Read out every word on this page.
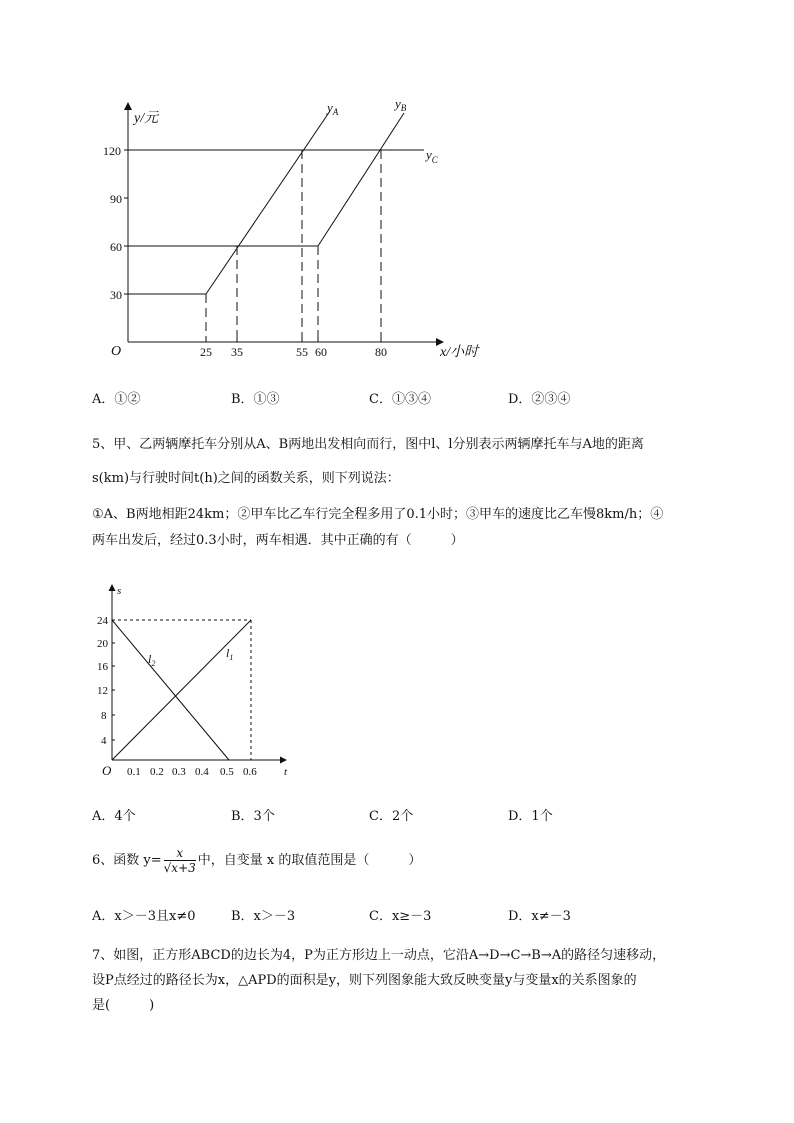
y/元
x/小时
O
30
60
90
120
25 35	55 60	80
$y_A$
$y_B$
$y_C$
A．①②	B．①③	C．①③④	D．②③④
5、甲、乙两辆摩托车分别从A、B两地出发相向而行，图中l、l分别表示两辆摩托车与A地的距离
s(km)与行驶时间t(h)之间的函数关系，则下列说法：
①A、B两地相距24km；②甲车比乙车行完全程多用了0.1小时；③甲车的速度比乙车慢8km/h；④
两车出发后，经过0.3小时，两车相遇．其中正确的有（　　　）
s
t
O
4
8
12
16
20
24
0.1 0.2 0.3 0.4 0.5 0.6
$l_1$
$l_2$
A．4个	B．3个	C．2个	D．1个
6、函数 $y= \frac{x}{√x+3}$ 中，自变量 x 的取值范围是（　　　）
A．x＞－3且x≠0	B．x＞－3	C．x≥－3	D．x≠－3
7、如图，正方形ABCD的边长为4，P为正方形边上一动点，它沿A→D→C→B→A的路径匀速移动，
设P点经过的路径长为x，△APD的面积是y，则下列图象能大致反映变量y与变量x的关系图象的
是(　　　)
